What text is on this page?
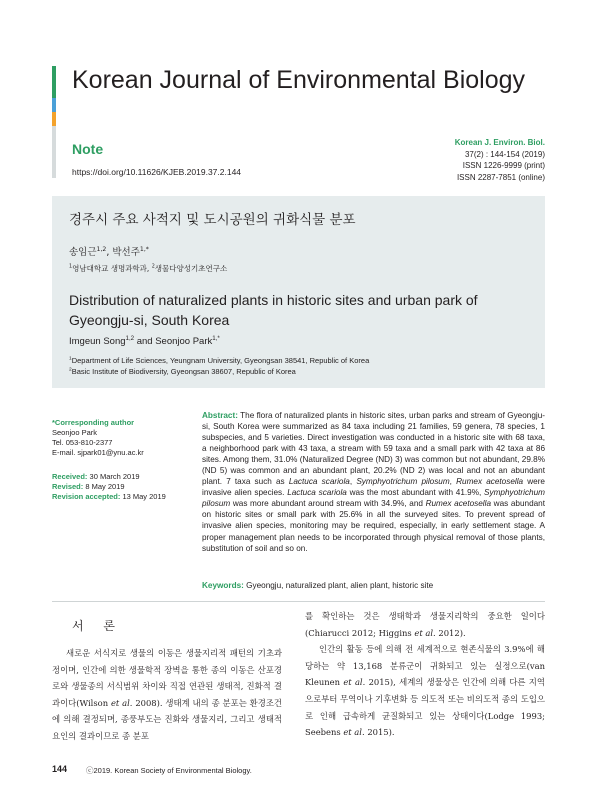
Korean Journal of Environmental Biology
Note
https://doi.org/10.11626/KJEB.2019.37.2.144
Korean J. Environ. Biol.
37(2) : 144-154 (2019)
ISSN 1226-9999 (print)
ISSN 2287-7851 (online)
경주시 주요 사적지 및 도시공원의 귀화식물 분포
송임근$^{1,2}$, 박선주$^{1,*}$
$^1$영남대학교 생명과학과, $^2$생물다양성기초연구소
Distribution of naturalized plants in historic sites and urban park of Gyeongju-si, South Korea
Imgeun Song$^{1,2}$ and Seonjoo Park$^{1,*}$
$^1$Department of Life Sciences, Yeungnam University, Gyeongsan 38541, Republic of Korea
$^2$Basic Institute of Biodiversity, Gyeongsan 38607, Republic of Korea
*Corresponding author
Seonjoo Park
Tel. 053-810-2377
E-mail. sjpark01@ynu.ac.kr
Received: 30 March 2019
Revised: 8 May 2019
Revision accepted: 13 May 2019
Abstract: The flora of naturalized plants in historic sites, urban parks and stream of Gyeongju-si, South Korea were summarized as 84 taxa including 21 families, 59 genera, 78 species, 1 subspecies, and 5 varieties. Direct investigation was conducted in a historic site with 68 taxa, a neighborhood park with 43 taxa, a stream with 59 taxa and a small park with 42 taxa at 86 sites. Among them, 31.0% (Naturalized Degree (ND) 3) was common but not abundant, 29.8% (ND 5) was common and an abundant plant, 20.2% (ND 2) was local and not an abundant plant. 7 taxa such as Lactuca scariola, Symphyotrichum pilosum, Rumex acetosella were invasive alien species. Lactuca scariola was the most abundant with 41.9%, Symphyotrichum pilosum was more abundant around stream with 34.9%, and Rumex acetosella was abundant on historic sites or small park with 25.6% in all the surveyed sites. To prevent spread of invasive alien species, monitoring may be required, especially, in early settlement stage. A proper management plan needs to be incorporated through physical removal of those plants, substitution of soil and so on.
Keywords: Gyeongju, naturalized plant, alien plant, historic site
서 론

새로운 서식지로 생물의 이동은 생물지리적 패턴의 기초과정이며, 인간에 의한 생물학적 장벽을 통한 종의 이동은 산포경로와 생물종의 서식범위 차이와 직접 연관된 생태적, 진화적 결과이다(Wilson et al. 2008). 생태계 내의 종 분포는 환경조건에 의해 결정되며, 종풍부도는 진화와 생물지리, 그리고 생태적 요인의 결과이므로 종 분포

를 확인하는 것은 생태학과 생물지리학의 중요한 일이다(Chiarucci 2012; Higgins et al. 2012).

인간의 활동 등에 의해 전 세계적으로 현존식물의 3.9%에 해당하는 약 13,168 분류군이 귀화되고 있는 실정으로(van Kleunen et al. 2015), 세계의 생물상은 인간에 의해 다른 지역으로부터 무역이나 기후변화 등 의도적 또는 비의도적 종의 도입으로 인해 급속하게 균질화되고 있는 상태이다(Lodge 1993; Seebens et al. 2015).

144	ⓒ2019. Korean Society of Environmental Biology.
